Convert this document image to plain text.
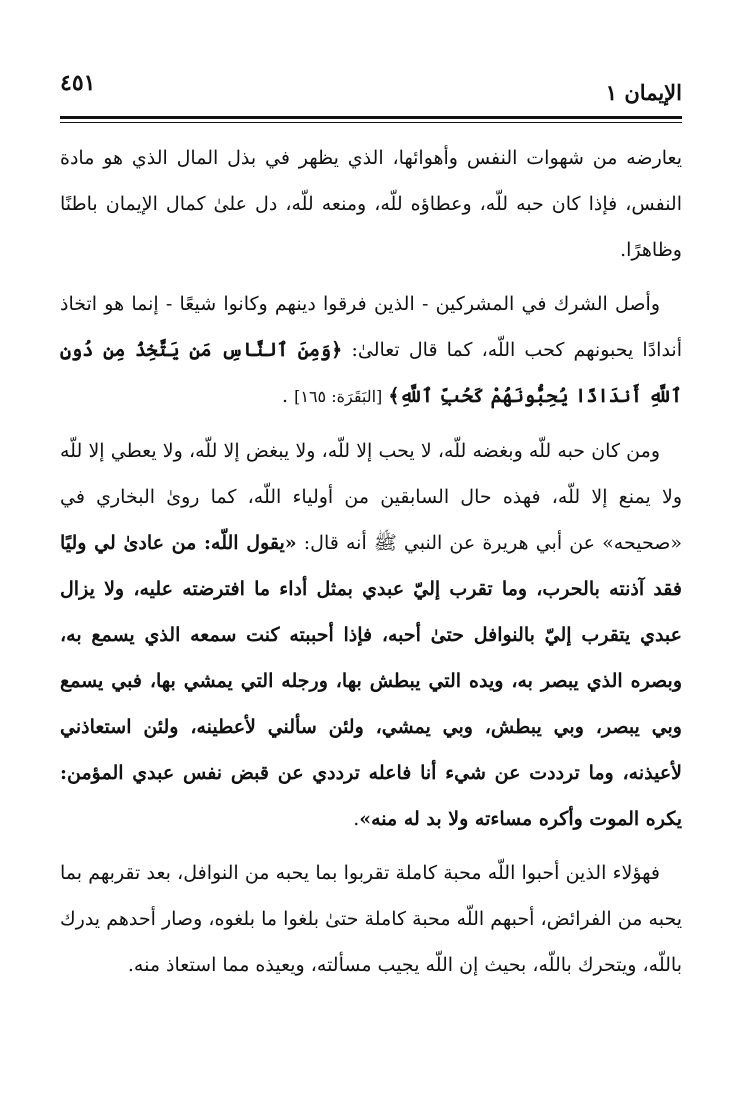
الإيمان ١
٤٥١

يعارضه من شهوات النفس وأهوائها، الذي يظهر في بذل المال الذي هو مادة النفس، فإذا كان حبه للّه، وعطاؤه للّه، ومنعه للّه، دل علىٰ كمال الإيمان باطنًا وظاهرًا.

وأصل الشرك في المشركين - الذين فرقوا دينهم وكانوا شيعًا - إنما هو اتخاذ أندادًا يحبونهم كحب اللّه، كما قال تعالىٰ: ﴿وَمِنَ ٱلنَّاسِ مَن يَتَّخِذُ مِن دُونِ ٱللَّهِ أَندَادًا يُحِبُّونَهُمْ كَحُبِّ ٱللَّهِ﴾ [البَقَرَة: ١٦٥] .

ومن كان حبه للّه وبغضه للّه، لا يحب إلا للّه، ولا يبغض إلا للّه، ولا يعطي إلا للّه ولا يمنع إلا للّه، فهذه حال السابقين من أولياء اللّه، كما روىٰ البخاري في «صحيحه» عن أبي هريرة عن النبي ﷺ أنه قال: «يقول اللّه: من عادىٰ لي وليًا فقد آذنته بالحرب، وما تقرب إليّ عبدي بمثل أداء ما افترضته عليه، ولا يزال عبدي يتقرب إليّ بالنوافل حتىٰ أحبه، فإذا أحببته كنت سمعه الذي يسمع به، وبصره الذي يبصر به، ويده التي يبطش بها، ورجله التي يمشي بها، فبي يسمع وبي يبصر، وبي يبطش، وبي يمشي، ولئن سألني لأعطينه، ولئن استعاذني لأعيذنه، وما ترددت عن شيء أنا فاعله ترددي عن قبض نفس عبدي المؤمن: يكره الموت وأكره مساءته ولا بد له منه».

فهؤلاء الذين أحبوا اللّه محبة كاملة تقربوا بما يحبه من النوافل، بعد تقربهم بما يحبه من الفرائض، أحبهم اللّه محبة كاملة حتىٰ بلغوا ما بلغوه، وصار أحدهم يدرك باللّه، ويتحرك باللّه، بحيث إن اللّه يجيب مسألته، ويعيذه مما استعاذ منه.
